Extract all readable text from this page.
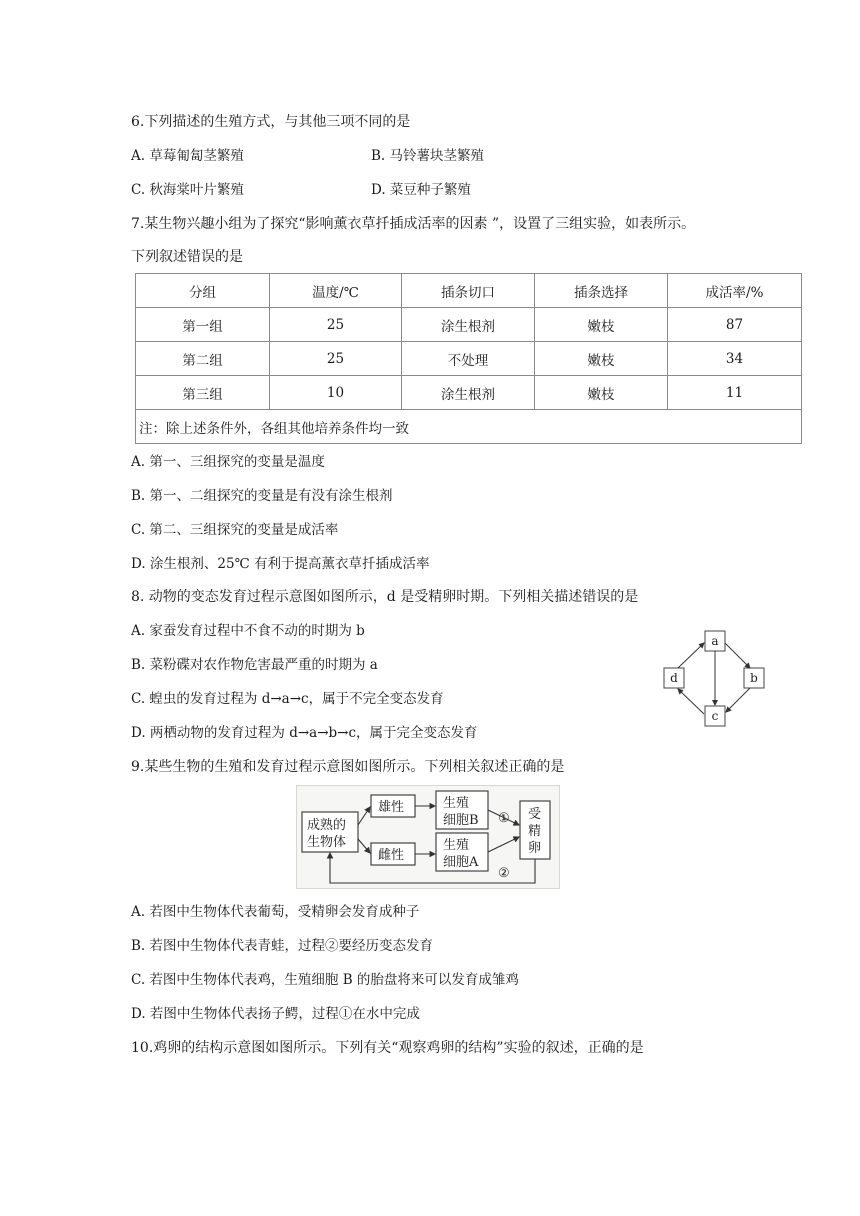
6.下列描述的生殖方式，与其他三项不同的是
A. 草莓匍匐茎繁殖	B. 马铃薯块茎繁殖
C. 秋海棠叶片繁殖	D. 菜豆种子繁殖
7.某生物兴趣小组为了探究“影响薰衣草扦插成活率的因素 ”，设置了三组实验，如表所示。
下列叙述错误的是
分组	温度/℃	插条切口	插条选择	成活率/%
第一组	25	涂生根剂	嫩枝	87
第二组	25	不处理	嫩枝	34
第三组	10	涂生根剂	嫩枝	11
注：除上述条件外，各组其他培养条件均一致				
A. 第一、三组探究的变量是温度
B. 第一、二组探究的变量是有没有涂生根剂
C. 第二、三组探究的变量是成活率
D. 涂生根剂、25℃ 有利于提高薰衣草扦插成活率
8. 动物的变态发育过程示意图如图所示，d 是受精卵时期。下列相关描述错误的是
A. 家蚕发育过程中不食不动的时期为 b
B. 菜粉碟对农作物危害最严重的时期为 a
C. 蝗虫的发育过程为 d→a→c，属于不完全变态发育
D. 两栖动物的发育过程为 d→a→b→c，属于完全变态发育
a
b
c
d
9.某些生物的生殖和发育过程示意图如图所示。下列相关叙述正确的是
成熟的
生物体
雄性
雌性
生殖
细胞B
生殖
细胞A
受
精
卵
①
②
A. 若图中生物体代表葡萄，受精卵会发育成种子
B. 若图中生物体代表青蛙，过程②要经历变态发育
C. 若图中生物体代表鸡，生殖细胞 B 的胎盘将来可以发育成雏鸡
D. 若图中生物体代表扬子鳄，过程①在水中完成
10.鸡卵的结构示意图如图所示。下列有关“观察鸡卵的结构”实验的叙述，正确的是
